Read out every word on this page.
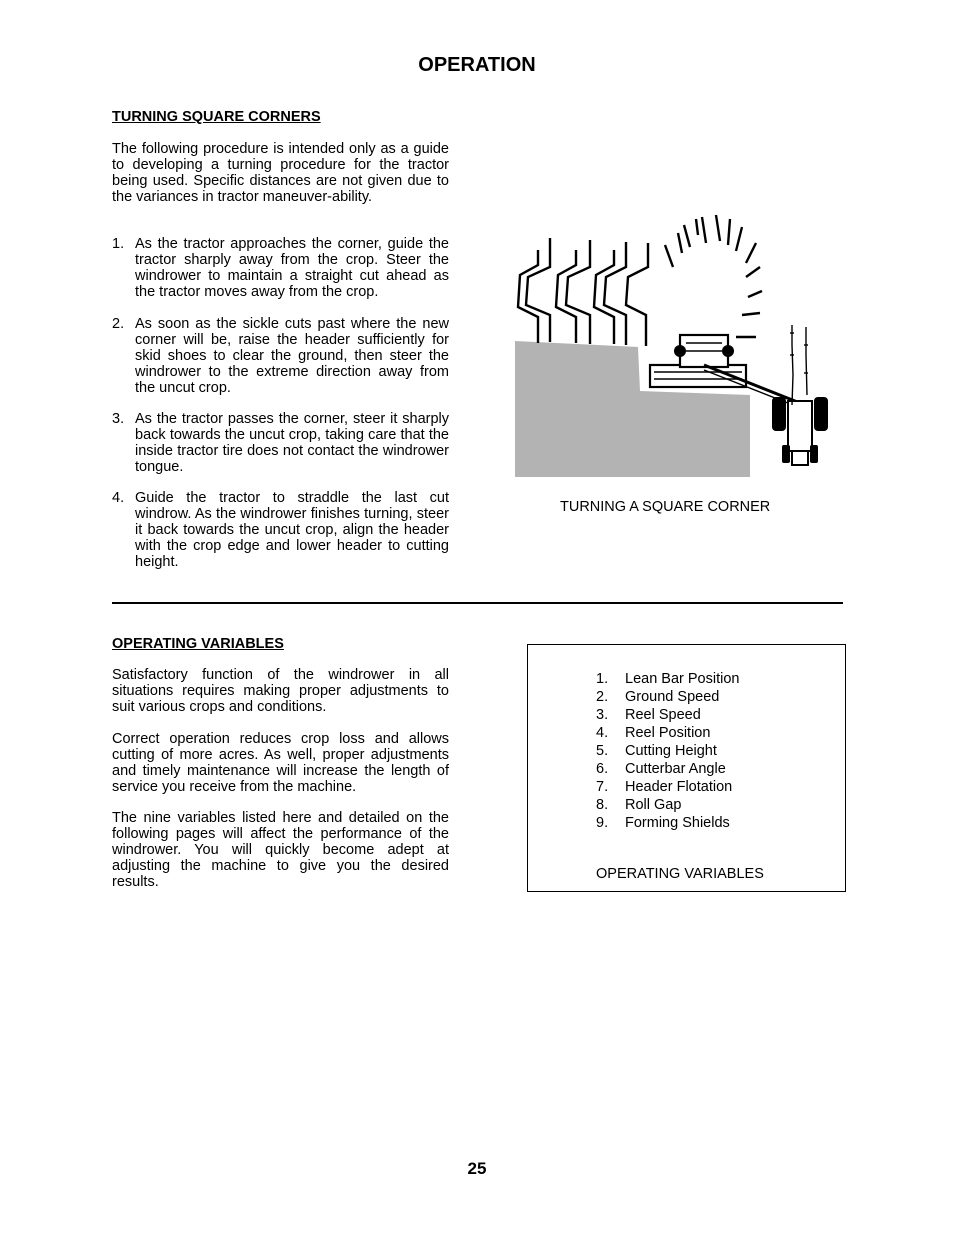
OPERATION
TURNING SQUARE CORNERS
The following procedure is intended only as a guide to developing a turning procedure for the tractor being used. Specific distances are not given due to the variances in tractor maneuver-ability.
1. As the tractor approaches the corner, guide the tractor sharply away from the crop. Steer the windrower to maintain a straight cut ahead as the tractor moves away from the crop.
2. As soon as the sickle cuts past where the new corner will be, raise the header sufficiently for skid shoes to clear the ground, then steer the windrower to the extreme direction away from the uncut crop.
3. As the tractor passes the corner, steer it sharply back towards the uncut crop, taking care that the inside tractor tire does not contact the windrower tongue.
4. Guide the tractor to straddle the last cut windrow. As the windrower finishes turning, steer it back towards the uncut crop, align the header with the crop edge and lower header to cutting height.
TURNING A SQUARE CORNER
OPERATING VARIABLES
Satisfactory function of the windrower in all situations requires making proper adjustments to suit various crops and conditions.
Correct operation reduces crop loss and allows cutting of more acres. As well, proper adjustments and timely maintenance will increase the length of service you receive from the machine.
The nine variables listed here and detailed on the following pages will affect the performance of the windrower. You will quickly become adept at adjusting the machine to give you the desired results.
1. Lean Bar Position
2. Ground Speed
3. Reel Speed
4. Reel Position
5. Cutting Height
6. Cutterbar Angle
7. Header Flotation
8. Roll Gap
9. Forming Shields
OPERATING VARIABLES
25
